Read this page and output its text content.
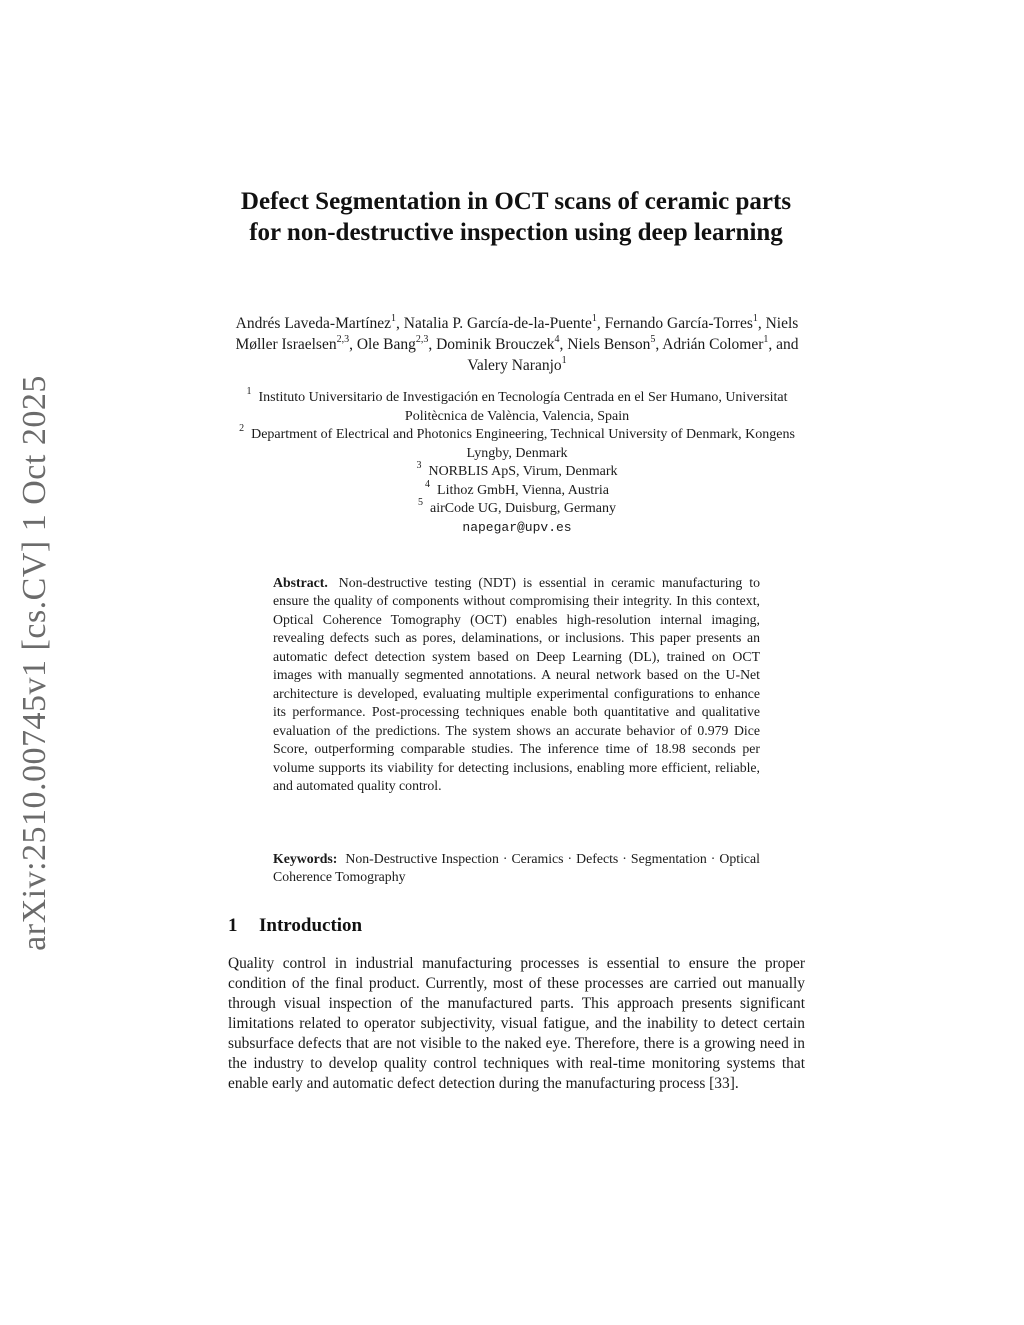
arXiv:2510.00745v1 [cs.CV] 1 Oct 2025
Defect Segmentation in OCT scans of ceramic parts for non-destructive inspection using deep learning
Andrés Laveda-Martínez$^1$, Natalia P. García-de-la-Puente$^1$, Fernando García-Torres$^1$, Niels Møller Israelsen$^{2,3}$, Ole Bang$^{2,3}$, Dominik Brouczek$^4$, Niels Benson$^5$, Adrián Colomer$^1$, and Valery Naranjo$^1$
$^1$ Instituto Universitario de Investigación en Tecnología Centrada en el Ser Humano, Universitat Politècnica de València, Valencia, Spain
$^2$ Department of Electrical and Photonics Engineering, Technical University of Denmark, Kongens Lyngby, Denmark
$^3$ NORBLIS ApS, Virum, Denmark
$^4$ Lithoz GmbH, Vienna, Austria
$^5$ airCode UG, Duisburg, Germany
napegar@upv.es

Abstract. Non-destructive testing (NDT) is essential in ceramic manufacturing to ensure the quality of components without compromising their integrity. In this context, Optical Coherence Tomography (OCT) enables high-resolution internal imaging, revealing defects such as pores, delaminations, or inclusions. This paper presents an automatic defect detection system based on Deep Learning (DL), trained on OCT images with manually segmented annotations. A neural network based on the U-Net architecture is developed, evaluating multiple experimental configurations to enhance its performance. Post-processing techniques enable both quantitative and qualitative evaluation of the predictions. The system shows an accurate behavior of 0.979 Dice Score, outperforming comparable studies. The inference time of 18.98 seconds per volume supports its viability for detecting inclusions, enabling more efficient, reliable, and automated quality control.

Keywords: Non-Destructive Inspection · Ceramics · Defects · Segmentation · Optical Coherence Tomography

1 Introduction

Quality control in industrial manufacturing processes is essential to ensure the proper condition of the final product. Currently, most of these processes are carried out manually through visual inspection of the manufactured parts. This approach presents significant limitations related to operator subjectivity, visual fatigue, and the inability to detect certain subsurface defects that are not visible to the naked eye. Therefore, there is a growing need in the industry to develop quality control techniques with real-time monitoring systems that enable early and automatic defect detection during the manufacturing process [33].
